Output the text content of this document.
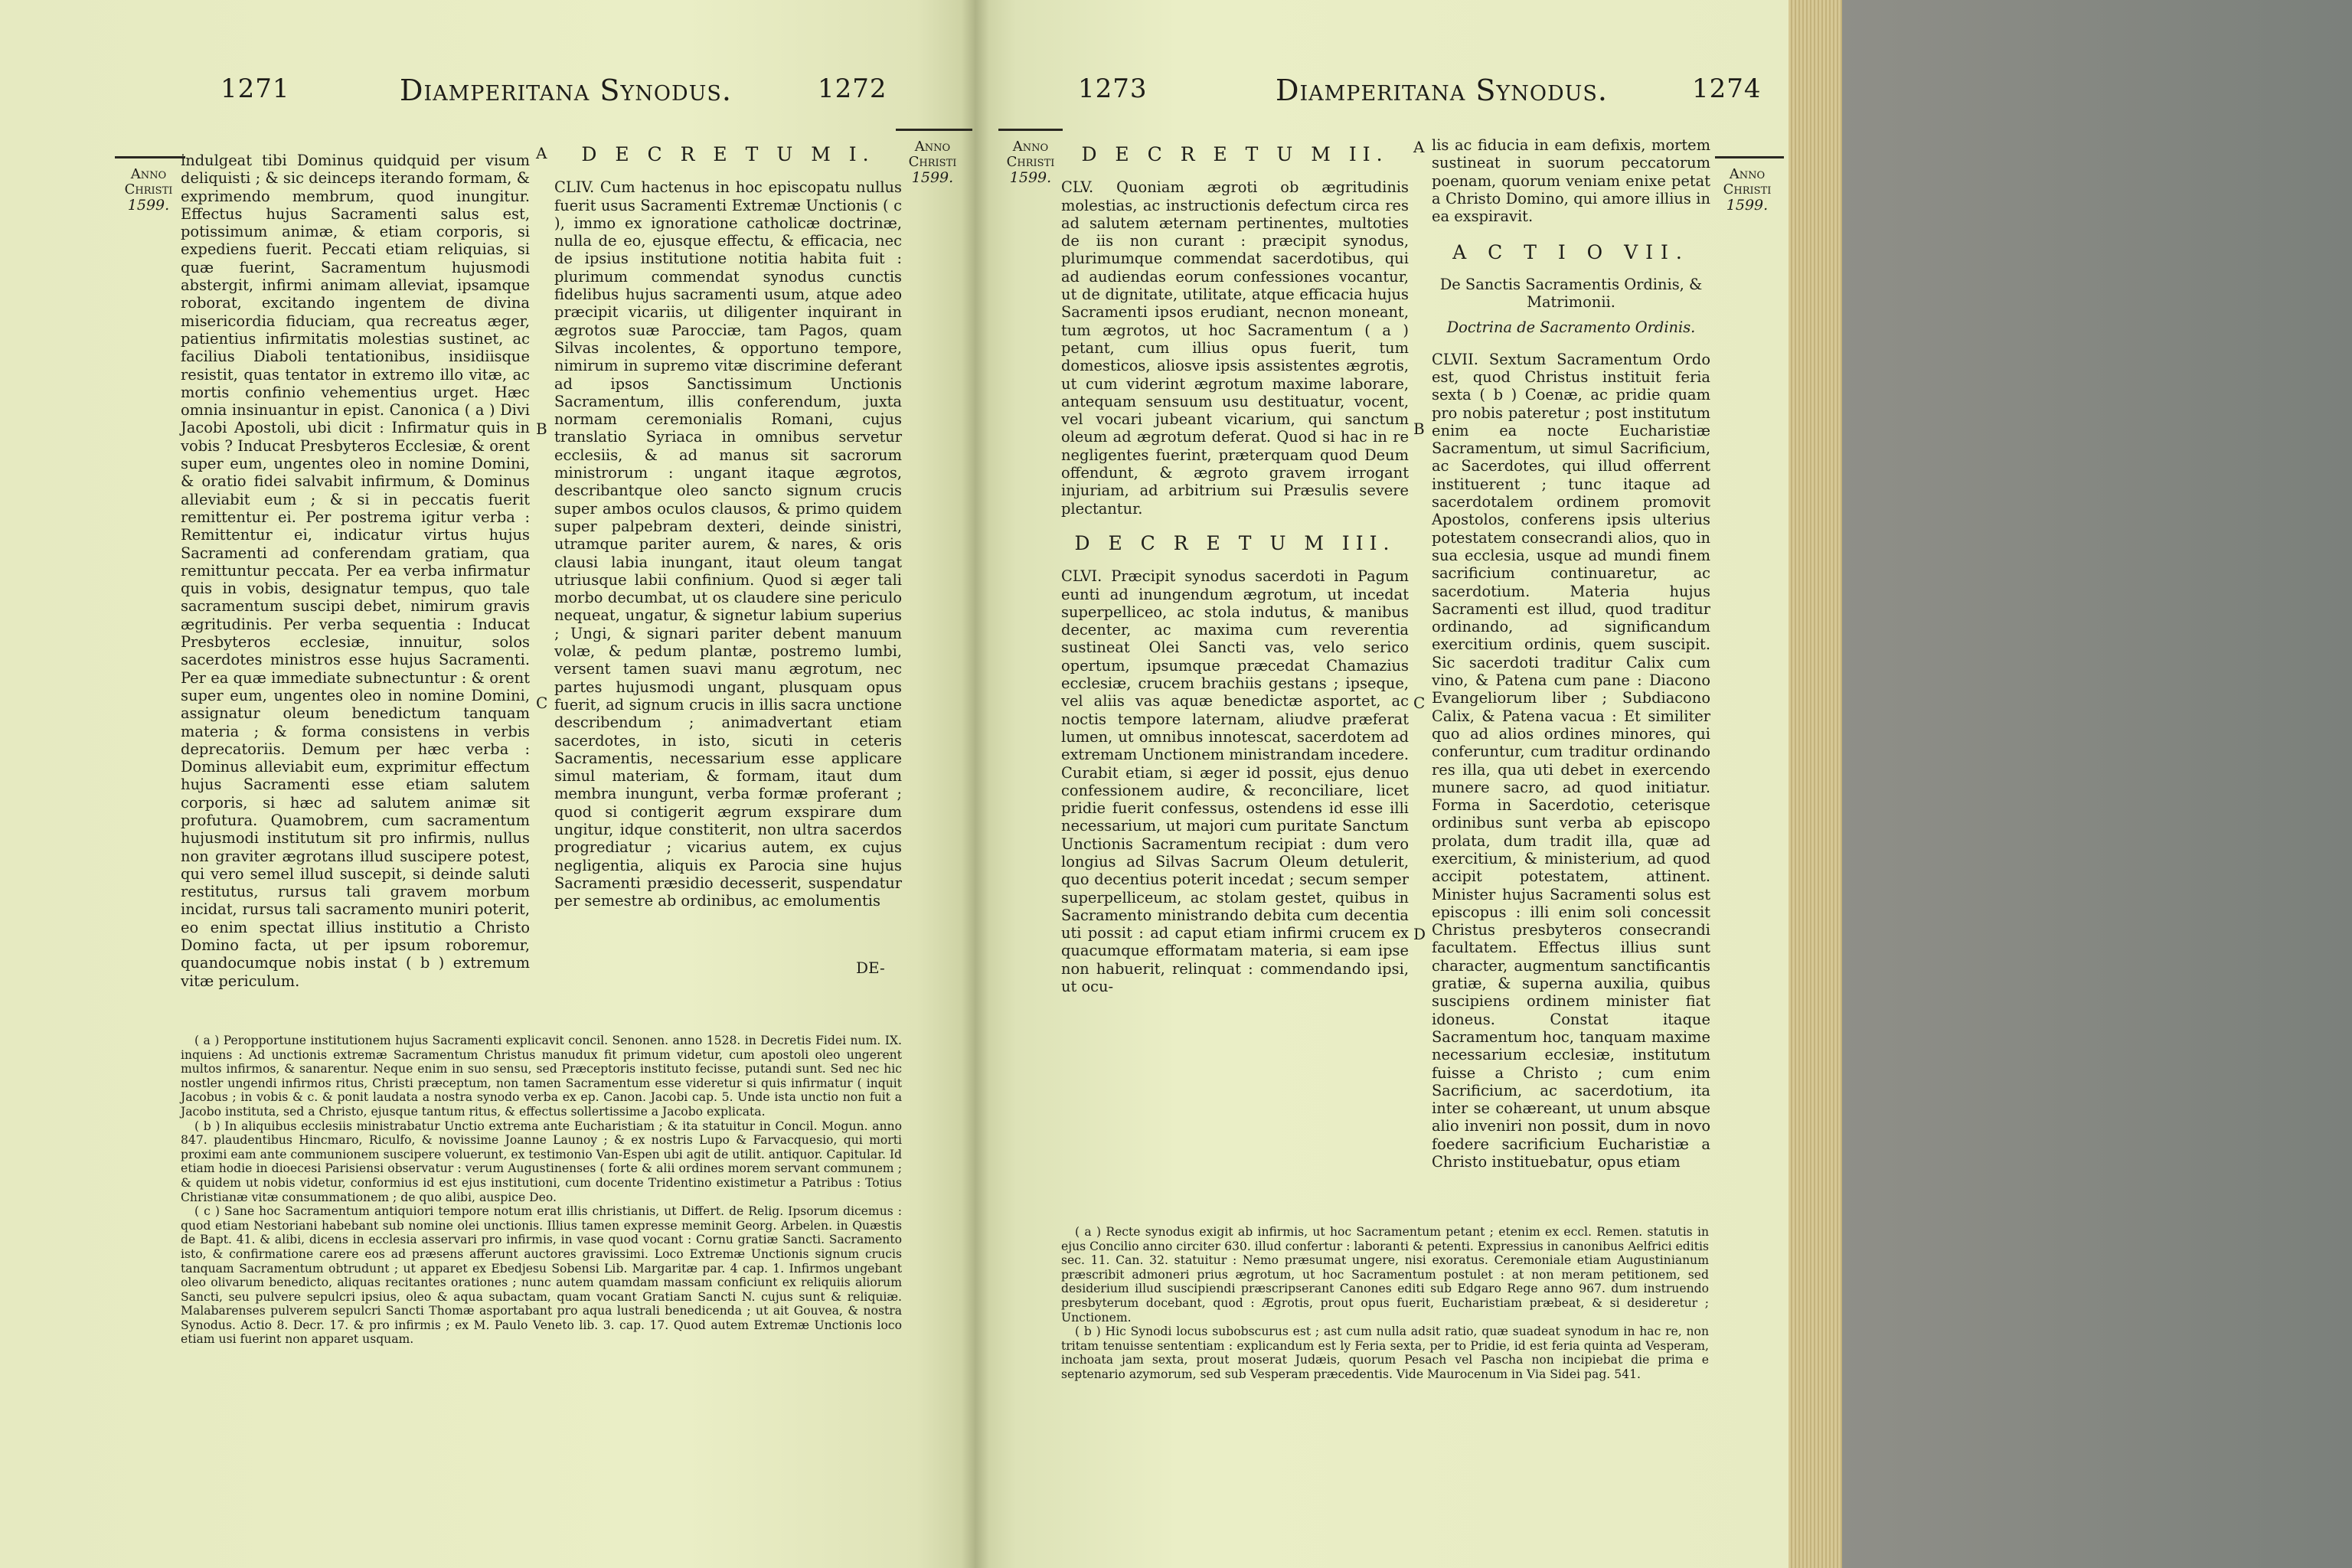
1271	Diamperitana Synodus.	1272
Anno Christi
1599.
Anno Christi
1599.
A
B
C

indulgeat tibi Dominus quidquid per visum deliquisti ; & sic deinceps iterando formam, & exprimendo membrum, quod inungitur. Effectus hujus Sacramenti salus est, potissimum animæ, & etiam corporis, si expediens fuerit. Peccati etiam reliquias, si quæ fuerint, Sacramentum hujusmodi abstergit, infirmi animam alleviat, ipsamque roborat, excitando ingentem de divina misericordia fiduciam, qua recreatus æger, patientius infirmitatis molestias sustinet, ac facilius Diaboli tentationibus, insidiisque resistit, quas tentator in extremo illo vitæ, ac mortis confinio vehementius urget. Hæc omnia insinuantur in epist. Canonica ( a ) Divi Jacobi Apostoli, ubi dicit : Infirmatur quis in vobis ? Inducat Presbyteros Ecclesiæ, & orent super eum, ungentes oleo in nomine Domini, & oratio fidei salvabit infirmum, & Dominus alleviabit eum ; & si in peccatis fuerit remittentur ei. Per postrema igitur verba : Remittentur ei, indicatur virtus hujus Sacramenti ad conferendam gratiam, qua remittuntur peccata. Per ea verba infirmatur quis in vobis, designatur tempus, quo tale sacramentum suscipi debet, nimirum gravis ægritudinis. Per verba sequentia : Inducat Presbyteros ecclesiæ, innuitur, solos sacerdotes ministros esse hujus Sacramenti. Per ea quæ immediate subnectuntur : & orent super eum, ungentes oleo in nomine Domini, assignatur oleum benedictum tanquam materia ; & forma consistens in verbis deprecatoriis. Demum per hæc verba : Dominus alleviabit eum, exprimitur effectum hujus Sacramenti esse etiam salutem corporis, si hæc ad salutem animæ sit profutura. Quamobrem, cum sacramentum hujusmodi institutum sit pro infirmis, nullus non graviter ægrotans illud suscipere potest, qui vero semel illud suscepit, si deinde saluti restitutus, rursus tali gravem morbum incidat, rursus tali sacramento muniri poterit, eo enim spectat illius institutio a Christo Domino facta, ut per ipsum roboremur, quandocumque nobis instat ( b ) extremum vitæ periculum.

D E C R E T U M I.

CLIV. Cum hactenus in hoc episcopatu nullus fuerit usus Sacramenti Extremæ Unctionis ( c ), immo ex ignoratione catholicæ doctrinæ, nulla de eo, ejusque effectu, & efficacia, nec de ipsius institutione notitia habita fuit : plurimum commendat synodus cunctis fidelibus hujus sacramenti usum, atque adeo præcipit vicariis, ut diligenter inquirant in ægrotos suæ Parocciæ, tam Pagos, quam Silvas incolentes, & opportuno tempore, nimirum in supremo vitæ discrimine deferant ad ipsos Sanctissimum Unctionis Sacramentum, illis conferendum, juxta normam ceremonialis Romani, cujus translatio Syriaca in omnibus servetur ecclesiis, & ad manus sit sacrorum ministrorum : ungant itaque ægrotos, describantque oleo sancto signum crucis super ambos oculos clausos, & primo quidem super palpebram dexteri, deinde sinistri, utramque pariter aurem, & nares, & oris clausi labia inungant, itaut oleum tangat utriusque labii confinium. Quod si æger tali morbo decumbat, ut os claudere sine periculo nequeat, ungatur, & signetur labium superius ; Ungi, & signari pariter debent manuum volæ, & pedum plantæ, postremo lumbi, versent tamen suavi manu ægrotum, nec partes hujusmodi ungant, plusquam opus fuerit, ad signum crucis in illis sacra unctione describendum ; animadvertant etiam sacerdotes, in isto, sicuti in ceteris Sacramentis, necessarium esse applicare simul materiam, & formam, itaut dum membra inungunt, verba formæ proferant ; quod si contigerit ægrum exspirare dum ungitur, idque constiterit, non ultra sacerdos progrediatur ; vicarius autem, ex cujus negligentia, aliquis ex Parocia sine hujus Sacramenti præsidio decesserit, suspendatur per semestre ab ordinibus, ac emolumentis

DE-

( a ) Peropportune institutionem hujus Sacramenti explicavit concil. Senonen. anno 1528. in Decretis Fidei num. IX. inquiens : Ad unctionis extremæ Sacramentum Christus manudux fit primum videtur, cum apostoli oleo ungerent multos infirmos, & sanarentur. Neque enim in suo sensu, sed Præceptoris instituto fecisse, putandi sunt. Sed nec hic nostler ungendi infirmos ritus, Christi præceptum, non tamen Sacramentum esse videretur si quis infirmatur ( inquit Jacobus ; in vobis & c. & ponit laudata a nostra synodo verba ex ep. Canon. Jacobi cap. 5. Unde ista unctio non fuit a Jacobo instituta, sed a Christo, ejusque tantum ritus, & effectus sollertissime a Jacobo explicata.

( b ) In aliquibus ecclesiis ministrabatur Unctio extrema ante Eucharistiam ; & ita statuitur in Concil. Mogun. anno 847. plaudentibus Hincmaro, Riculfo, & novissime Joanne Launoy ; & ex nostris Lupo & Farvacquesio, qui morti proximi eam ante communionem suscipere voluerunt, ex testimonio Van-Espen ubi agit de utilit. antiquor. Capitular. Id etiam hodie in dioecesi Parisiensi observatur : verum Augustinenses ( forte & alii ordines morem servant communem ; & quidem ut nobis videtur, conformius id est ejus institutioni, cum docente Tridentino existimetur a Patribus : Totius Christianæ vitæ consummationem ; de quo alibi, auspice Deo.

( c ) Sane hoc Sacramentum antiquiori tempore notum erat illis christianis, ut Differt. de Relig. Ipsorum dicemus : quod etiam Nestoriani habebant sub nomine olei unctionis. Illius tamen expresse meminit Georg. Arbelen. in Quæstis de Bapt. 41. & alibi, dicens in ecclesia asservari pro infirmis, in vase quod vocant : Cornu gratiæ Sancti. Sacramento isto, & confirmatione carere eos ad præsens afferunt auctores gravissimi. Loco Extremæ Unctionis signum crucis tanquam Sacramentum obtrudunt ; ut apparet ex Ebedjesu Sobensi Lib. Margaritæ par. 4 cap. 1. Infirmos ungebant oleo olivarum benedicto, aliquas recitantes orationes ; nunc autem quamdam massam conficiunt ex reliquiis aliorum Sancti, seu pulvere sepulcri ipsius, oleo & aqua subactam, quam vocant Gratiam Sancti N. cujus sunt & reliquiæ. Malabarenses pulverem sepulcri Sancti Thomæ asportabant pro aqua lustrali benedicenda ; ut ait Gouvea, & nostra Synodus. Actio 8. Decr. 17. & pro infirmis ; ex M. Paulo Veneto lib. 3. cap. 17. Quod autem Extremæ Unctionis loco etiam usi fuerint non apparet usquam.

1273	Diamperitana Synodus.	1274
Anno Christi
1599.	Anno Christi
1599.
A
B
C
D
D E C R E T U M II.

CLV. Quoniam ægroti ob ægritudinis molestias, ac instructionis defectum circa res ad salutem æternam pertinentes, multoties de iis non curant : præcipit synodus, plurimumque commendat sacerdotibus, qui ad audiendas eorum confessiones vocantur, ut de dignitate, utilitate, atque efficacia hujus Sacramenti ipsos erudiant, necnon moneant, tum ægrotos, ut hoc Sacramentum ( a ) petant, cum illius opus fuerit, tum domesticos, aliosve ipsis assistentes ægrotis, ut cum viderint ægrotum maxime laborare, antequam sensuum usu destituatur, vocent, vel vocari jubeant vicarium, qui sanctum oleum ad ægrotum deferat. Quod si hac in re negligentes fuerint, præterquam quod Deum offendunt, & ægroto gravem irrogant injuriam, ad arbitrium sui Præsulis severe plectantur.

D E C R E T U M III.

CLVI. Præcipit synodus sacerdoti in Pagum eunti ad inungendum ægrotum, ut incedat superpelliceo, ac stola indutus, & manibus decenter, ac maxima cum reverentia sustineat Olei Sancti vas, velo serico opertum, ipsumque præcedat Chamazius ecclesiæ, crucem brachiis gestans ; ipseque, vel aliis vas aquæ benedictæ asportet, ac noctis tempore laternam, aliudve præferat lumen, ut omnibus innotescat, sacerdotem ad extremam Unctionem ministrandam incedere. Curabit etiam, si æger id possit, ejus denuo confessionem audire, & reconciliare, licet pridie fuerit confessus, ostendens id esse illi necessarium, ut majori cum puritate Sanctum Unctionis Sacramentum recipiat : dum vero longius ad Silvas Sacrum Oleum detulerit, quo decentius poterit incedat ; secum semper superpelliceum, ac stolam gestet, quibus in Sacramento ministrando debita cum decentia uti possit : ad caput etiam infirmi crucem ex quacumque efformatam materia, si eam ipse non habuerit, relinquat : commendando ipsi, ut ocu-

lis ac fiducia in eam defixis, mortem sustineat in suorum peccatorum poenam, quorum veniam enixe petat a Christo Domino, qui amore illius in ea exspiravit.

A C T I O VII.
De Sanctis Sacramentis Ordinis, & Matrimonii.
Doctrina de Sacramento Ordinis.

CLVII. Sextum Sacramentum Ordo est, quod Christus instituit feria sexta ( b ) Coenæ, ac pridie quam pro nobis pateretur ; post institutum enim ea nocte Eucharistiæ Sacramentum, ut simul Sacrificium, ac Sacerdotes, qui illud offerrent instituerent ; tunc itaque ad sacerdotalem ordinem promovit Apostolos, conferens ipsis ulterius potestatem consecrandi alios, quo in sua ecclesia, usque ad mundi finem sacrificium continuaretur, ac sacerdotium. Materia hujus Sacramenti est illud, quod traditur ordinando, ad significandum exercitium ordinis, quem suscipit. Sic sacerdoti traditur Calix cum vino, & Patena cum pane : Diacono Evangeliorum liber ; Subdiacono Calix, & Patena vacua : Et similiter quo ad alios ordines minores, qui conferuntur, cum traditur ordinando res illa, qua uti debet in exercendo munere sacro, ad quod initiatur. Forma in Sacerdotio, ceterisque ordinibus sunt verba ab episcopo prolata, dum tradit illa, quæ ad exercitium, & ministerium, ad quod accipit potestatem, attinent. Minister hujus Sacramenti solus est episcopus : illi enim soli concessit Christus presbyteros consecrandi facultatem. Effectus illius sunt character, augmentum sanctificantis gratiæ, & superna auxilia, quibus suscipiens ordinem minister fiat idoneus. Constat itaque Sacramentum hoc, tanquam maxime necessarium ecclesiæ, institutum fuisse a Christo ; cum enim Sacrificium, ac sacerdotium, ita inter se cohæreant, ut unum absque alio inveniri non possit, dum in novo foedere sacrificium Eucharistiæ a Christo instituebatur, opus etiam

( a ) Recte synodus exigit ab infirmis, ut hoc Sacramentum petant ; etenim ex eccl. Remen. statutis in ejus Concilio anno circiter 630. illud confertur : laboranti & petenti. Expressius in canonibus Aelfrici editis sec. 11. Can. 32. statuitur : Nemo præsumat ungere, nisi exoratus. Ceremoniale etiam Augustinianum præscribit admoneri prius ægrotum, ut hoc Sacramentum postulet : at non meram petitionem, sed desiderium illud suscipiendi præscripserant Canones editi sub Edgaro Rege anno 967. dum instruendo presbyterum docebant, quod : Ægrotis, prout opus fuerit, Eucharistiam præbeat, & si desideretur ; Unctionem.

( b ) Hic Synodi locus subobscurus est ; ast cum nulla adsit ratio, quæ suadeat synodum in hac re, non tritam tenuisse sententiam : explicandum est ly Feria sexta, per to Pridie, id est feria quinta ad Vesperam, inchoata jam sexta, prout moserat Judæis, quorum Pesach vel Pascha non incipiebat die prima e septenario azymorum, sed sub Vesperam præcedentis. Vide Maurocenum in Via Sidei pag. 541.
